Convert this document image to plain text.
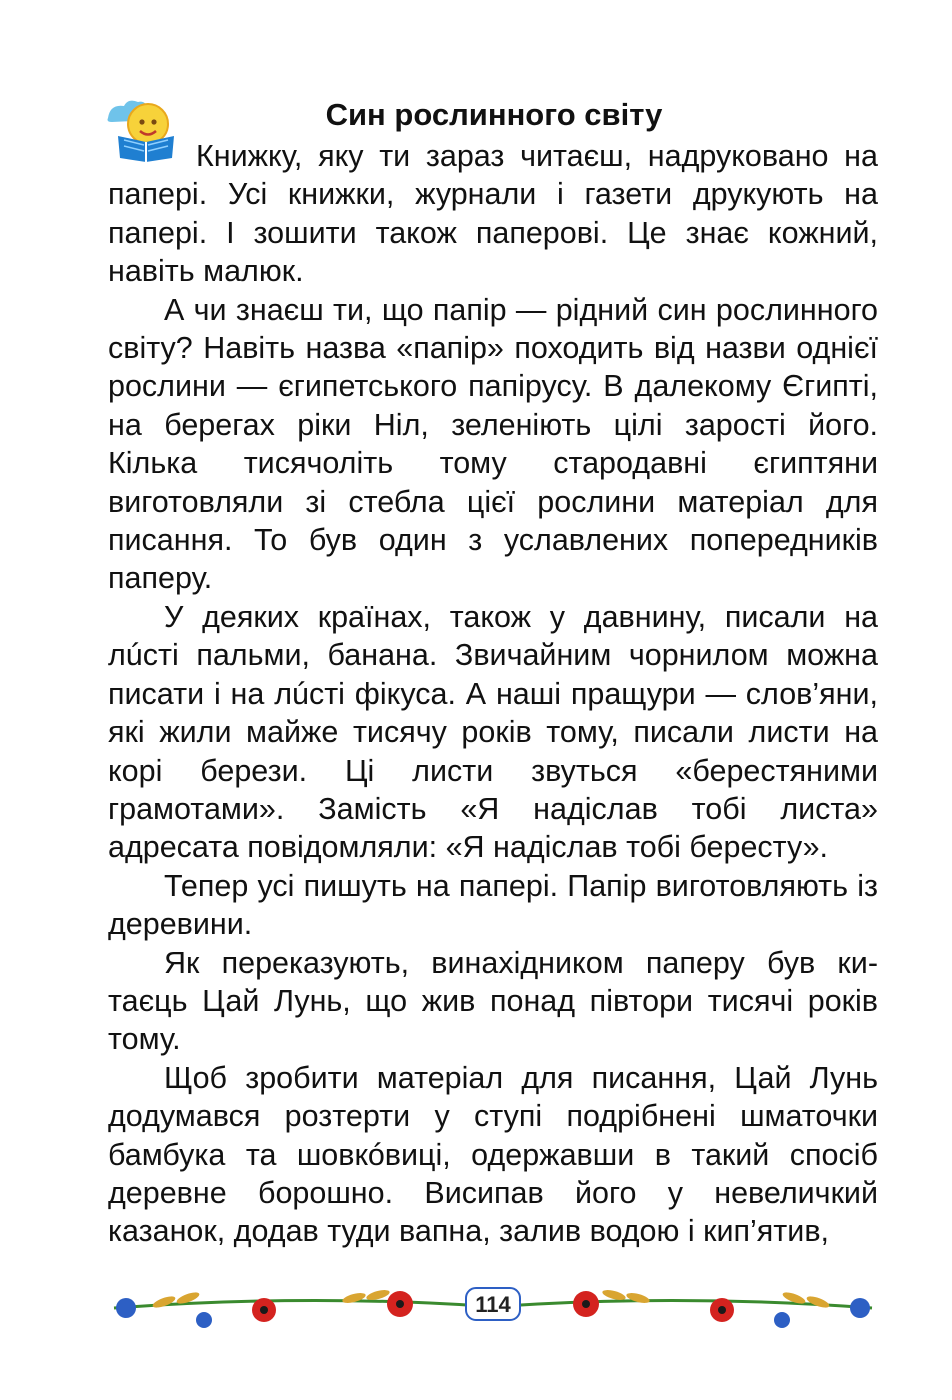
Син рослинного світу

Книжку, яку ти зараз читаєш, надруковано на папері. Усі книжки, журнали і газети друкують на папері. І зошити також паперові. Це знає кожний, навіть малюк.

А чи знаєш ти, що папір — рідний син рослинного світу? Навіть назва «папір» походить від назви однієї рослини — єгипетського папірусу. В далекому Єгипті, на берегах ріки Ніл, зеленіють цілі зарості його. Кілька тисячоліть тому стародавні єгиптяни виготовляли зі стебла цієї рослини матеріал для писання. То був один з уславлених попередників паперу.

У деяких країнах, також у давнину, писали на лúсті пальми, банана. Звичайним чорнилом можна писати і на лúсті фікуса. А наші пращури — слов’яни, які жили майже тисячу років тому, писали листи на корі берези. Ці листи звуться «берестяними грамотами». Замість «Я надіслав тобі листа» адресата повідомляли: «Я надіслав тобі бересту».

Тепер усі пишуть на папері. Папір виготовляють із деревини.

Як переказують, винахідником паперу був китаєць Цай Лунь, що жив понад півтори тисячі років тому.

Щоб зробити матеріал для писання, Цай Лунь додумався розтерти у ступі подрібнені шматочки бамбука та шовкóвиці, одержавши в такий спосіб деревне борошно. Висипав його у невеличкий казанок, додав туди вапна, залив водою і кип’ятив,

114
